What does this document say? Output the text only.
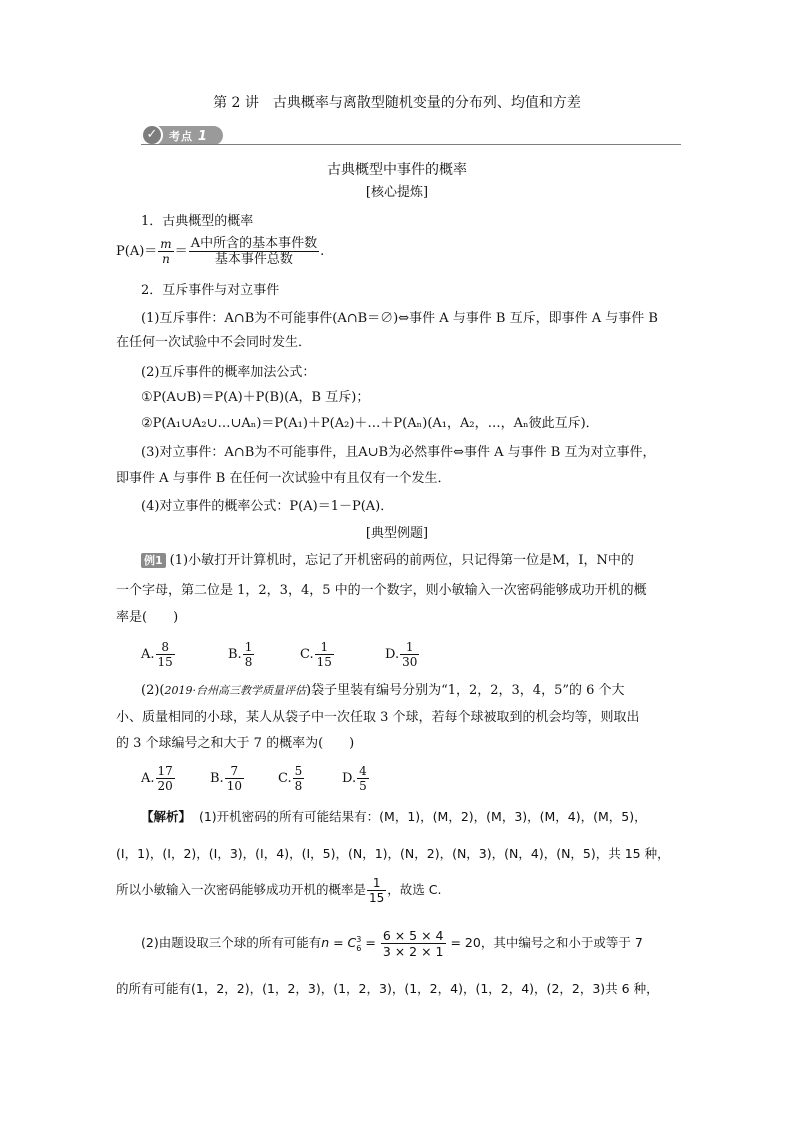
第 2 讲　古典概率与离散型随机变量的分布列、均值和方差
✓	考点 1
古典概型中事件的概率
[核心提炼]
1．古典概型的概率
$P(A)= \frac{m}{n} = \frac{\text{A中所含的基本事件数}}{\text{基本事件总数}}$ .
2．互斥事件与对立事件
(1)互斥事件：A∩B为不可能事件(A∩B＝∅)⇔事件 A 与事件 B 互斥，即事件 A 与事件 B
在任何一次试验中不会同时发生．
(2)互斥事件的概率加法公式：
①P(A∪B)＝P(A)＋P(B)(A，B 互斥)；
②P(A₁∪A₂∪…∪Aₙ)＝P(A₁)＋P(A₂)＋…＋P(Aₙ)(A₁，A₂，…，Aₙ彼此互斥)．
(3)对立事件：A∩B为不可能事件，且A∪B为必然事件⇔事件 A 与事件 B 互为对立事件，
即事件 A 与事件 B 在任何一次试验中有且仅有一个发生．
(4)对立事件的概率公式：P(A)＝1－P(A)．
[典型例题]
例1 (1)小敏打开计算机时，忘记了开机密码的前两位，只记得第一位是M，I，N中的
一个字母，第二位是 1，2，3，4，5 中的一个数字，则小敏输入一次密码能够成功开机的概
率是(　　)
A. $\frac{8}{15}$	B. $\frac{1}{8}$	C. $\frac{1}{15}$	D. $\frac{1}{30}$
(2)(2019·台州高三教学质量评估)袋子里装有编号分别为“1，2，2，3，4，5”的 6 个大
小、质量相同的小球，某人从袋子中一次任取 3 个球，若每个球被取到的机会均等，则取出
的 3 个球编号之和大于 7 的概率为(　　)
A. $\frac{17}{20}$	B. $\frac{7}{10}$	C. $\frac{5}{8}$	D. $\frac{4}{5}$
【解析】 (1)开机密码的所有可能结果有：(M，1)，(M，2)，(M，3)，(M，4)，(M，5)，
(I，1)，(I，2)，(I，3)，(I，4)，(I，5)，(N，1)，(N，2)，(N，3)，(N，4)，(N，5)，共 15 种，
所以小敏输入一次密码能够成功开机的概率是 $\frac{1}{15}$ ，故选 C.
(2)由题设取三个球的所有可能有n = C 3
$6 = \frac{6 \times 5 \times 4}{3 \times 2 \times 1} = 20$，其中编号之和小于或等于 7
的所有可能有(1，2，2)，(1，2，3)，(1，2，3)，(1，2，4)，(1，2，4)，(2，2，3)共 6 种，
